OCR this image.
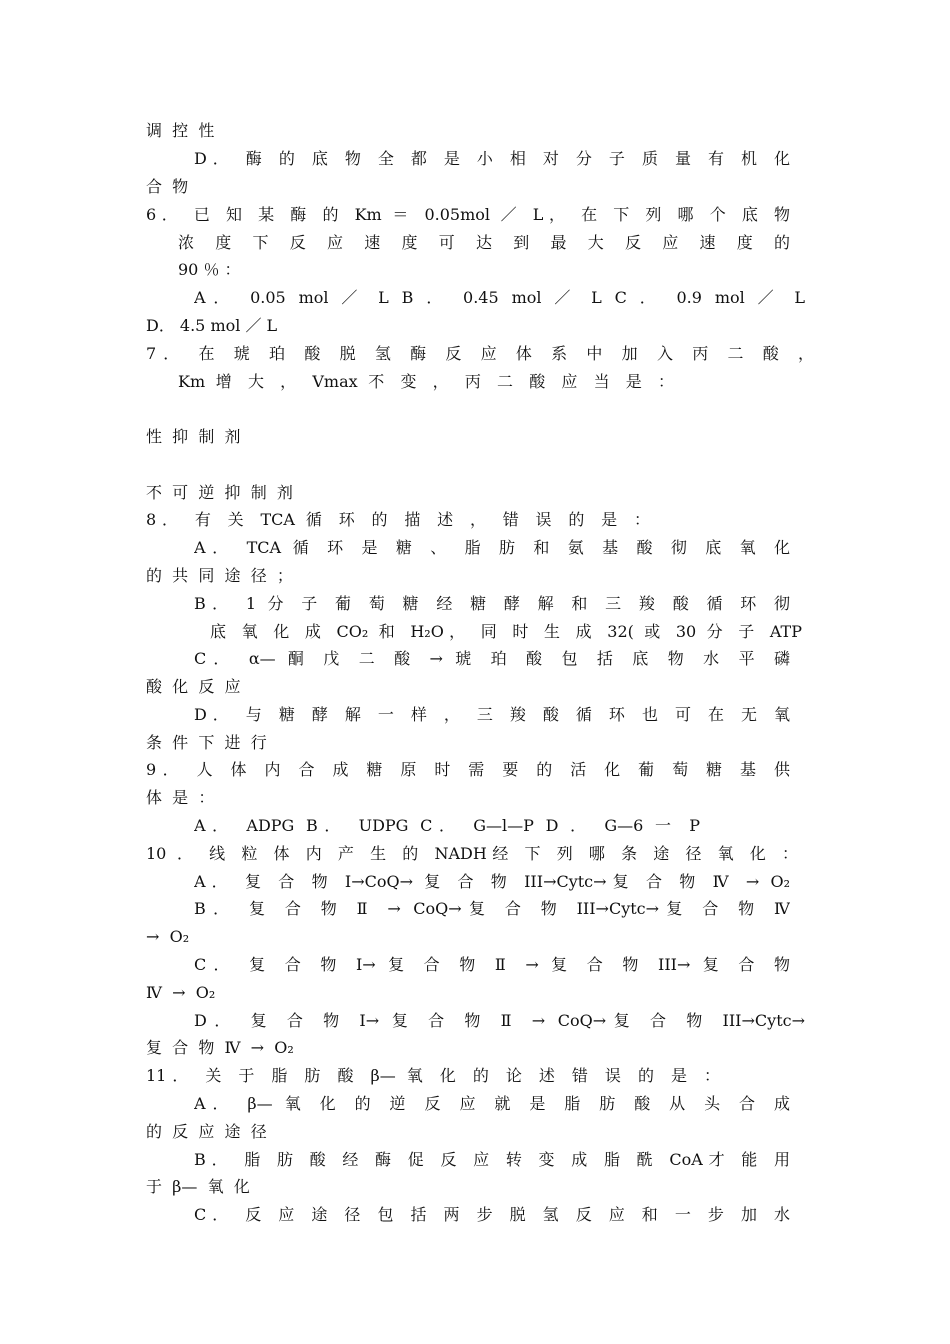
调  控  性
D． 酶 的 底 物 全 都 是 小 相 对 分 子 质 量 有 机 化
合  物
6． 已 知 某 酶 的 Km ＝ 0.05mol ／ L， 在 下 列 哪 个 底 物
浓 度 下 反 应 速 度 可 达 到 最 大 反 应 速 度 的
90 ％ ：
A． 0.05 mol ／ L B ． 0.45 mol ／ L C ． 0.9 mol ／ L
D． 4.5 mol ／ L
7． 在 琥 珀 酸 脱 氢 酶 反 应 体 系 中 加 入 丙 二 酸 ，
Km 增 大 ， Vmax 不 变 ， 丙 二 酸 应 当 是 ：

性  抑  制  剂

不  可  逆  抑  制  剂
8． 有 关 TCA 循 环 的 描 述 ， 错 误 的 是 ：
A． TCA 循 环 是 糖 、 脂 肪 和 氨 基 酸 彻 底 氧 化
的  共  同  途  径  ；
B． 1 分 子 葡 萄 糖 经 糖 酵 解 和 三 羧 酸 循 环 彻
底 氧 化 成 CO₂ 和 H₂O， 同 时 生 成 32( 或 30 分 子 ATP
C． α— 酮 戊 二 酸 → 琥 珀 酸 包 括 底 物 水 平 磷
酸  化  反  应
D． 与 糖 酵 解 一 样 ， 三 羧 酸 循 环 也 可 在 无 氧
条  件  下  进  行
9． 人 体 内 合 成 糖 原 时 需 要 的 活 化 葡 萄 糖 基 供
体  是  ：
A． ADPG B． UDPG C． G—l—P D ． G—6 一 P
10 ． 线 粒 体 内 产 生 的 NADH经 下 列 哪 条 途 径 氧 化 ：
A． 复 合 物 I→CoQ→ 复 合 物 III→Cytc→复 合 物 Ⅳ → O₂
B． 复 合 物 Ⅱ → CoQ→复 合 物 III→Cytc→复 合 物 Ⅳ
→  O₂
C． 复 合 物 I→ 复 合 物 Ⅱ → 复 合 物 III→ 复 合 物
Ⅳ  →  O₂
D． 复 合 物 I→ 复 合 物 Ⅱ → CoQ→复 合 物 III→Cytc→
复  合  物  Ⅳ  →  O₂
11． 关 于 脂 肪 酸 β— 氧 化 的 论 述 错 误 的 是 ：
A． β— 氧 化 的 逆 反 应 就 是 脂 肪 酸 从 头 合 成
的  反  应  途  径
B． 脂 肪 酸 经 酶 促 反 应 转 变 成 脂 酰 CoA才 能 用
于  β—  氧  化
C． 反 应 途 径 包 括 两 步 脱 氢 反 应 和 一 步 加 水
